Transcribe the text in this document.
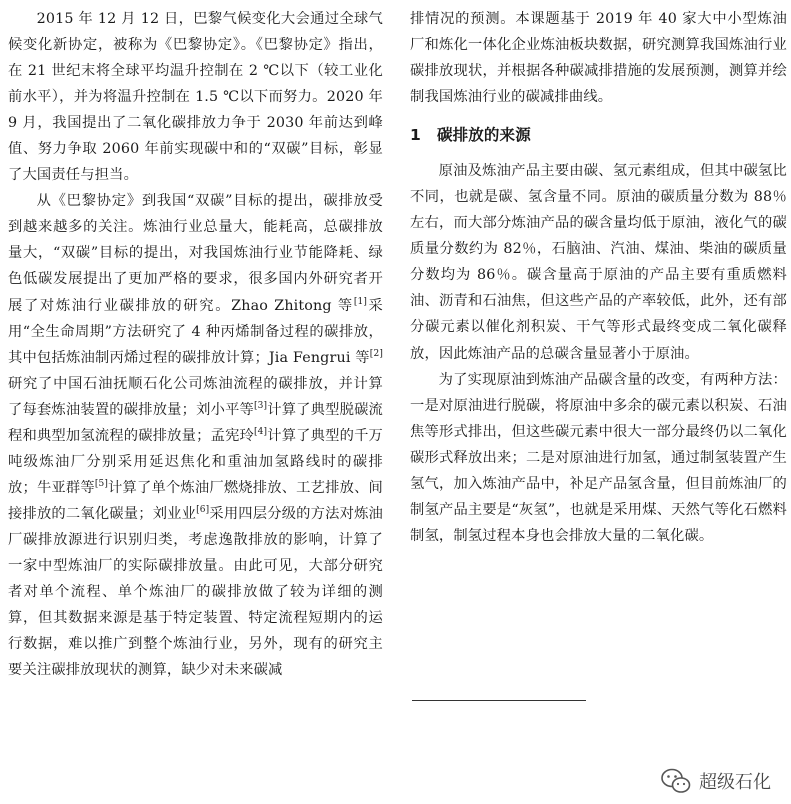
2015 年 12 月 12 日，巴黎气候变化大会通过全球气候变化新协定，被称为《巴黎协定》。《巴黎协定》指出，在 21 世纪末将全球平均温升控制在 2 ℃以下（较工业化前水平），并为将温升控制在 1.5 ℃以下而努力。2020 年 9 月，我国提出了二氧化碳排放力争于 2030 年前达到峰值、努力争取 2060 年前实现碳中和的“双碳”目标，彰显了大国责任与担当。

从《巴黎协定》到我国“双碳”目标的提出，碳排放受到越来越多的关注。炼油行业总量大，能耗高，总碳排放量大，“双碳”目标的提出，对我国炼油行业节能降耗、绿色低碳发展提出了更加严格的要求，很多国内外研究者开展了对炼油行业碳排放的研究。Zhao Zhitong 等[1]采用“全生命周期”方法研究了 4 种丙烯制备过程的碳排放，其中包括炼油制丙烯过程的碳排放计算；Jia Fengrui 等[2]研究了中国石油抚顺石化公司炼油流程的碳排放，并计算了每套炼油装置的碳排放量；刘小平等[3]计算了典型脱碳流程和典型加氢流程的碳排放量；孟宪玲[4]计算了典型的千万吨级炼油厂分别采用延迟焦化和重油加氢路线时的碳排放；牛亚群等[5]计算了单个炼油厂燃烧排放、工艺排放、间接排放的二氧化碳量；刘业业[6]采用四层分级的方法对炼油厂碳排放源进行识别归类，考虑逸散排放的影响，计算了一家中型炼油厂的实际碳排放量。由此可见，大部分研究者对单个流程、单个炼油厂的碳排放做了较为详细的测算，但其数据来源是基于特定装置、特定流程短期内的运行数据，难以推广到整个炼油行业，另外，现有的研究主要关注碳排放现状的测算，缺少对未来碳减

排情况的预测。本课题基于 2019 年 40 家大中小型炼油厂和炼化一体化企业炼油板块数据，研究测算我国炼油行业碳排放现状，并根据各种碳减排措施的发展预测，测算并绘制我国炼油行业的碳减排曲线。

1 碳排放的来源

原油及炼油产品主要由碳、氢元素组成，但其中碳氢比不同，也就是碳、氢含量不同。原油的碳质量分数为 88％左右，而大部分炼油产品的碳含量均低于原油，液化气的碳质量分数约为 82％，石脑油、汽油、煤油、柴油的碳质量分数均为 86％。碳含量高于原油的产品主要有重质燃料油、沥青和石油焦，但这些产品的产率较低，此外，还有部分碳元素以催化剂积炭、干气等形式最终变成二氧化碳释放，因此炼油产品的总碳含量显著小于原油。

为了实现原油到炼油产品碳含量的改变，有两种方法：一是对原油进行脱碳，将原油中多余的碳元素以积炭、石油焦等形式排出，但这些碳元素中很大一部分最终仍以二氧化碳形式释放出来；二是对原油进行加氢，通过制氢装置产生氢气，加入炼油产品中，补足产品氢含量，但目前炼油厂的制氢产品主要是“灰氢”，也就是采用煤、天然气等化石燃料制氢，制氢过程本身也会排放大量的二氧化碳。

超级石化
